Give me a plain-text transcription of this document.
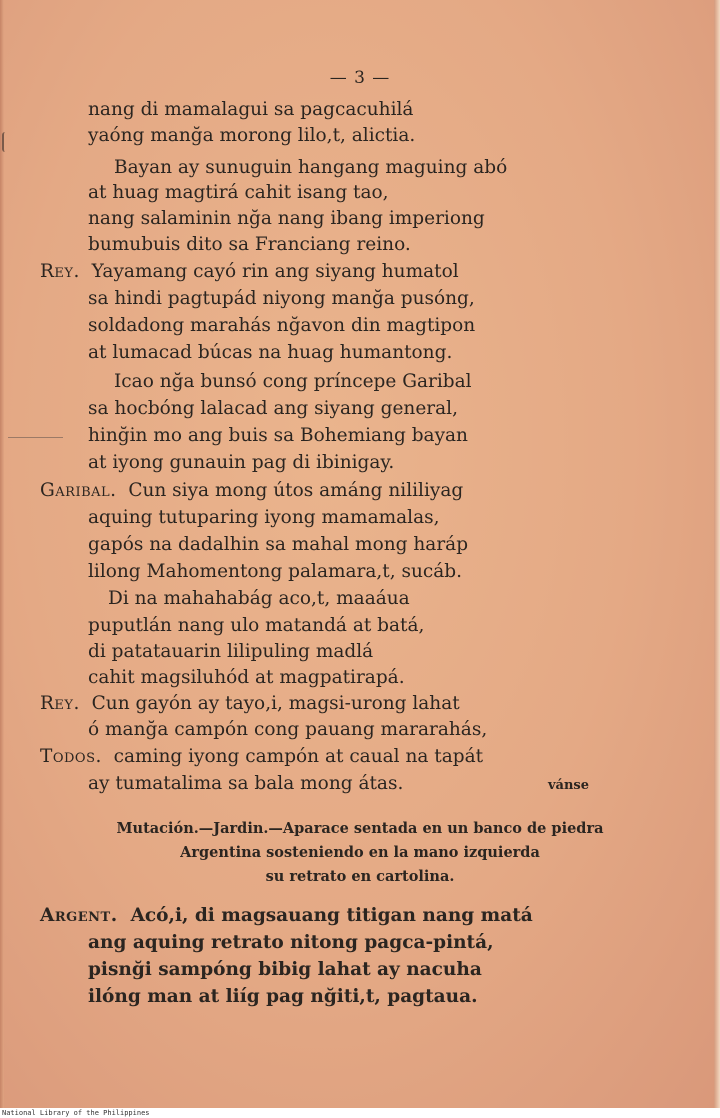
— 3 —
nang di mamalagui sa pagcacuhilá
yaóng manğa morong lilo,t, alictia.
Bayan ay sunuguin hangang maguing abó
at huag magtirá cahit isang tao,
nang salaminin nğa nang ibang imperiong
bumubuis dito sa Franciang reino.
Rey. Yayamang cayó rin ang siyang humatol
sa hindi pagtupád niyong manğa pusóng,
soldadong marahás nğavon din magtipon
at lumacad búcas na huag humantong.
Icao nğa bunsó cong príncepe Garibal
sa hocbóng lalacad ang siyang general,
hinğin mo ang buis sa Bohemiang bayan
at iyong gunauin pag di ibinigay.
Garibal. Cun siya mong útos amáng nililiyag
aquing tutuparing iyong mamamalas,
gapós na dadalhin sa mahal mong haráp
lilong Mahomentong palamara,t, sucáb.
Di na mahahabág aco,t, maaáua
puputlán nang ulo matandá at batá,
di patatauarin lilipuling madlá
cahit magsiluhód at magpatirapá.
Rey. Cun gayón ay tayo,i, magsi-urong lahat
ó manğa campón cong pauang mararahás,
Todos. caming iyong campón at caual na tapát
ay tumatalima sa bala mong átas.	vánse
Mutación.—Jardin.—Aparace sentada en un banco de piedra
Argentina sosteniendo en la mano izquierda
su retrato en cartolina.
Argent. Acó,i, di magsauang titigan nang matá
ang aquing retrato nitong pagca-pintá,
pisnği sampóng bibig lahat ay nacuha
ilóng man at liíg pag nğiti,t, pagtaua.
National Library of the Philippines
